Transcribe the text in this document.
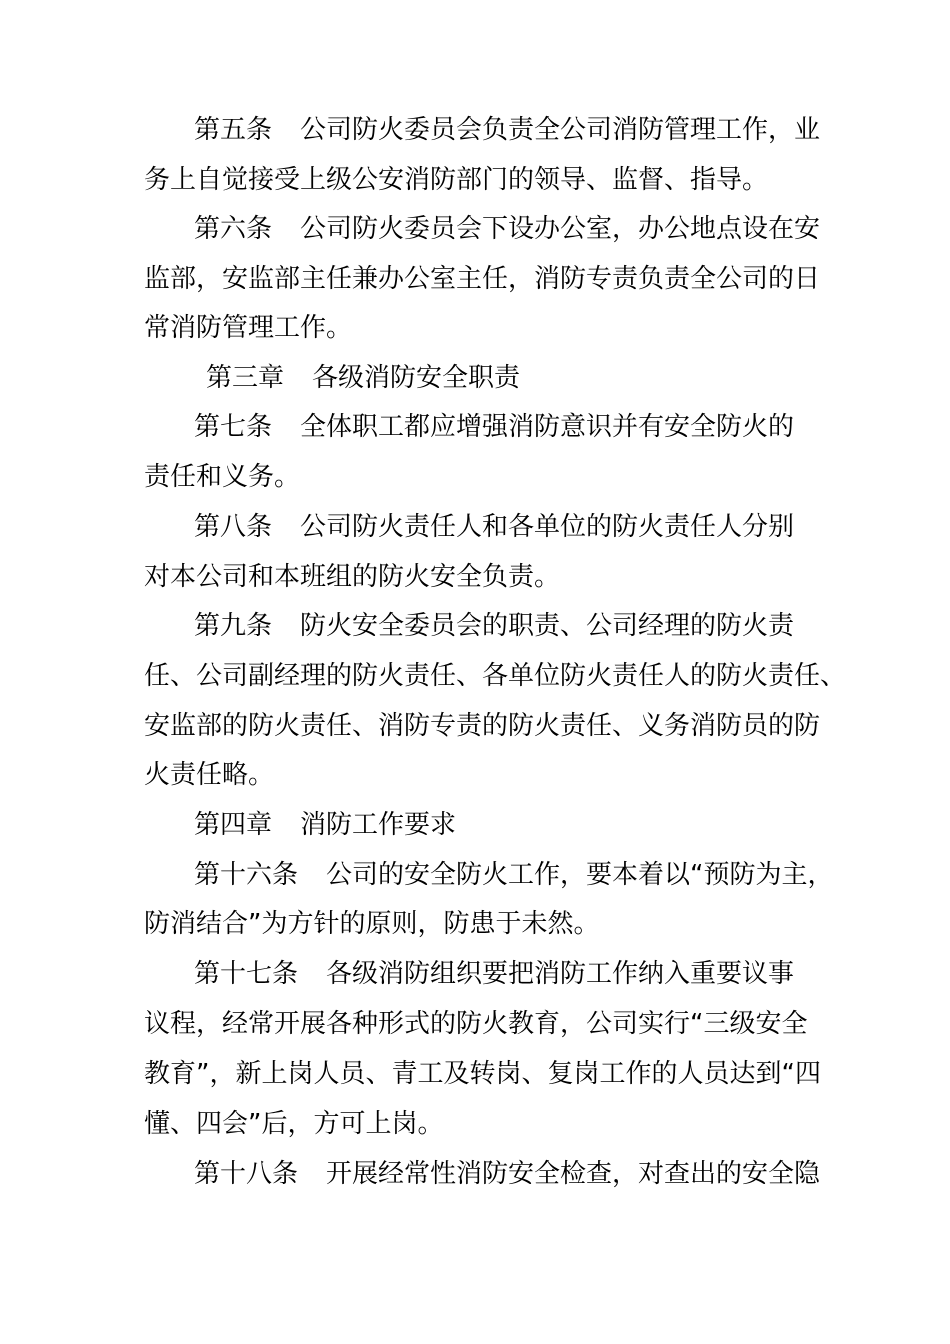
第五条 公司防火委员会负责全公司消防管理工作，业
务上自觉接受上级公安消防部门的领导、监督、指导。
第六条 公司防火委员会下设办公室，办公地点设在安
监部，安监部主任兼办公室主任，消防专责负责全公司的日
常消防管理工作。
第三章 各级消防安全职责
第七条 全体职工都应增强消防意识并有安全防火的
责任和义务。
第八条 公司防火责任人和各单位的防火责任人分别
对本公司和本班组的防火安全负责。
第九条 防火安全委员会的职责、公司经理的防火责
任、公司副经理的防火责任、各单位防火责任人的防火责任、
安监部的防火责任、消防专责的防火责任、义务消防员的防
火责任略。
第四章 消防工作要求
第十六条 公司的安全防火工作，要本着以“预防为主，
防消结合”为方针的原则，防患于未然。
第十七条 各级消防组织要把消防工作纳入重要议事
议程，经常开展各种形式的防火教育，公司实行“三级安全
教育”，新上岗人员、青工及转岗、复岗工作的人员达到“四
懂、四会”后，方可上岗。
第十八条 开展经常性消防安全检查，对查出的安全隐
